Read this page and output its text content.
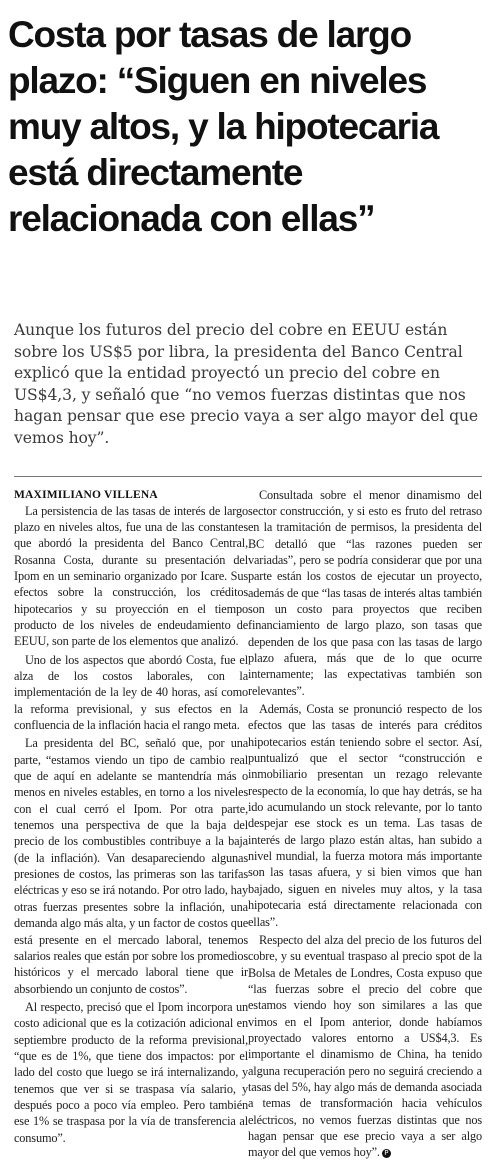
Costa por tasas de largo plazo: “Siguen en niveles muy altos, y la hipotecaria está directamente relacionada con ellas”

Aunque los futuros del precio del cobre en EEUU están sobre los US$5 por libra, la presidenta del Banco Central explicó que la entidad proyectó un precio del cobre en US$4,3, y señaló que “no vemos fuerzas distintas que nos hagan pensar que ese precio vaya a ser algo mayor del que vemos hoy”.

MAXIMILIANO VILLENA

La persistencia de las tasas de interés de largo plazo en niveles altos, fue una de las constantes que abordó la presidenta del Banco Central, Rosanna Costa, durante su presentación del Ipom en un seminario organizado por Icare. Sus efectos sobre la construcción, los créditos hipotecarios y su proyección en el tiempo producto de los niveles de endeudamiento de EEUU, son parte de los elementos que analizó.

Uno de los aspectos que abordó Costa, fue el alza de los costos laborales, con la implementación de la ley de 40 horas, así como la reforma previsional, y sus efectos en la confluencia de la inflación hacia el rango meta.

La presidenta del BC, señaló que, por una parte, “estamos viendo un tipo de cambio real que de aquí en adelante se mantendría más o menos en niveles estables, en torno a los niveles con el cual cerró el Ipom. Por otra parte, tenemos una perspectiva de que la baja del precio de los combustibles contribuye a la baja (de la inflación). Van desapareciendo algunas presiones de costos, las primeras son las tarifas eléctricas y eso se irá notando. Por otro lado, hay otras fuerzas presentes sobre la inflación, una demanda algo más alta, y un factor de costos que está presente en el mercado laboral, tenemos salarios reales que están por sobre los promedios históricos y el mercado laboral tiene que ir absorbiendo un conjunto de costos”.

Al respecto, precisó que el Ipom incorpora un costo adicional que es la cotización adicional en septiembre producto de la reforma previsional, “que es de 1%, que tiene dos impactos: por el lado del costo que luego se irá internalizando, y tenemos que ver si se traspasa vía salario, y después poco a poco vía empleo. Pero también ese 1% se traspasa por la vía de transferencia al consumo”.

Consultada sobre el menor dinamismo del sector construcción, y si esto es fruto del retraso en la tramitación de permisos, la presidenta del BC detalló que “las razones pueden ser variadas”, pero se podría considerar que por una parte están los costos de ejecutar un proyecto, además de que “las tasas de interés altas también son un costo para proyectos que reciben financiamiento de largo plazo, son tasas que dependen de los que pasa con las tasas de largo plazo afuera, más que de lo que ocurre internamente; las expectativas también son relevantes”.

Además, Costa se pronunció respecto de los efectos que las tasas de interés para créditos hipotecarios están teniendo sobre el sector. Así, puntualizó que el sector “construcción e inmobiliario presentan un rezago relevante respecto de la economía, lo que hay detrás, se ha ido acumulando un stock relevante, por lo tanto despejar ese stock es un tema. Las tasas de interés de largo plazo están altas, han subido a nivel mundial, la fuerza motora más importante son las tasas afuera, y si bien vimos que han bajado, siguen en niveles muy altos, y la tasa hipotecaria está directamente relacionada con ellas”.

Respecto del alza del precio de los futuros del cobre, y su eventual traspaso al precio spot de la Bolsa de Metales de Londres, Costa expuso que “las fuerzas sobre el precio del cobre que estamos viendo hoy son similares a las que vimos en el Ipom anterior, donde habíamos proyectado valores entorno a US$4,3. Es importante el dinamismo de China, ha tenido alguna recuperación pero no seguirá creciendo a tasas del 5%, hay algo más de demanda asociada a temas de transformación hacia vehículos eléctricos, no vemos fuerzas distintas que nos hagan pensar que ese precio vaya a ser algo mayor del que vemos hoy”. P
